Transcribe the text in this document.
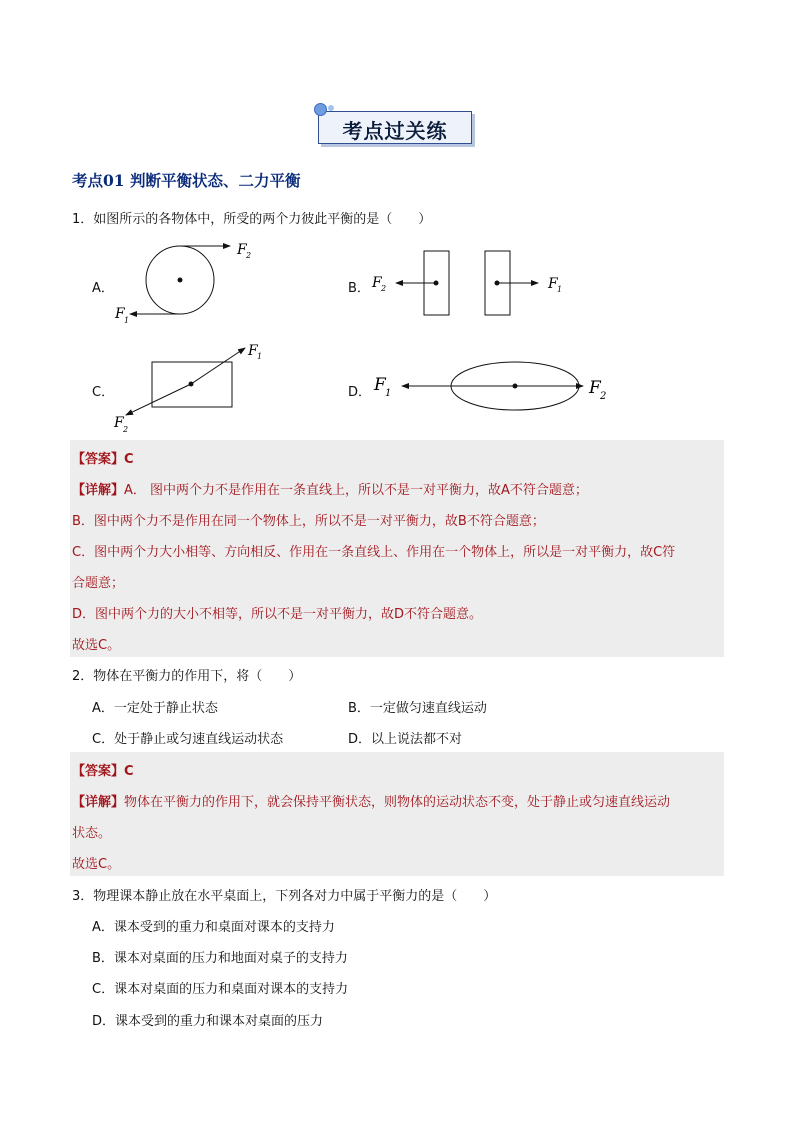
考点过关练
考点01 判断平衡状态、二力平衡
1．如图所示的各物体中，所受的两个力彼此平衡的是（　　）
A．	B．
C．	D．
F 2
F 1
F 2	F 1
F 1
F 2
F 1	F 2
【答案】C
【详解】A． 图中两个力不是作用在一条直线上，所以不是一对平衡力，故A不符合题意；
B．图中两个力不是作用在同一个物体上，所以不是一对平衡力，故B不符合题意；
C．图中两个力大小相等、方向相反、作用在一条直线上、作用在一个物体上，所以是一对平衡力，故C符
合题意；
D．图中两个力的大小不相等，所以不是一对平衡力，故D不符合题意。
故选C。
2．物体在平衡力的作用下，将（　　）
A．一定处于静止状态	B．一定做匀速直线运动
C．处于静止或匀速直线运动状态	D．以上说法都不对
【答案】C
【详解】物体在平衡力的作用下，就会保持平衡状态，则物体的运动状态不变，处于静止或匀速直线运动
状态。
故选C。
3．物理课本静止放在水平桌面上，下列各对力中属于平衡力的是（　　）
A．课本受到的重力和桌面对课本的支持力
B．课本对桌面的压力和地面对桌子的支持力
C．课本对桌面的压力和桌面对课本的支持力
D．课本受到的重力和课本对桌面的压力
